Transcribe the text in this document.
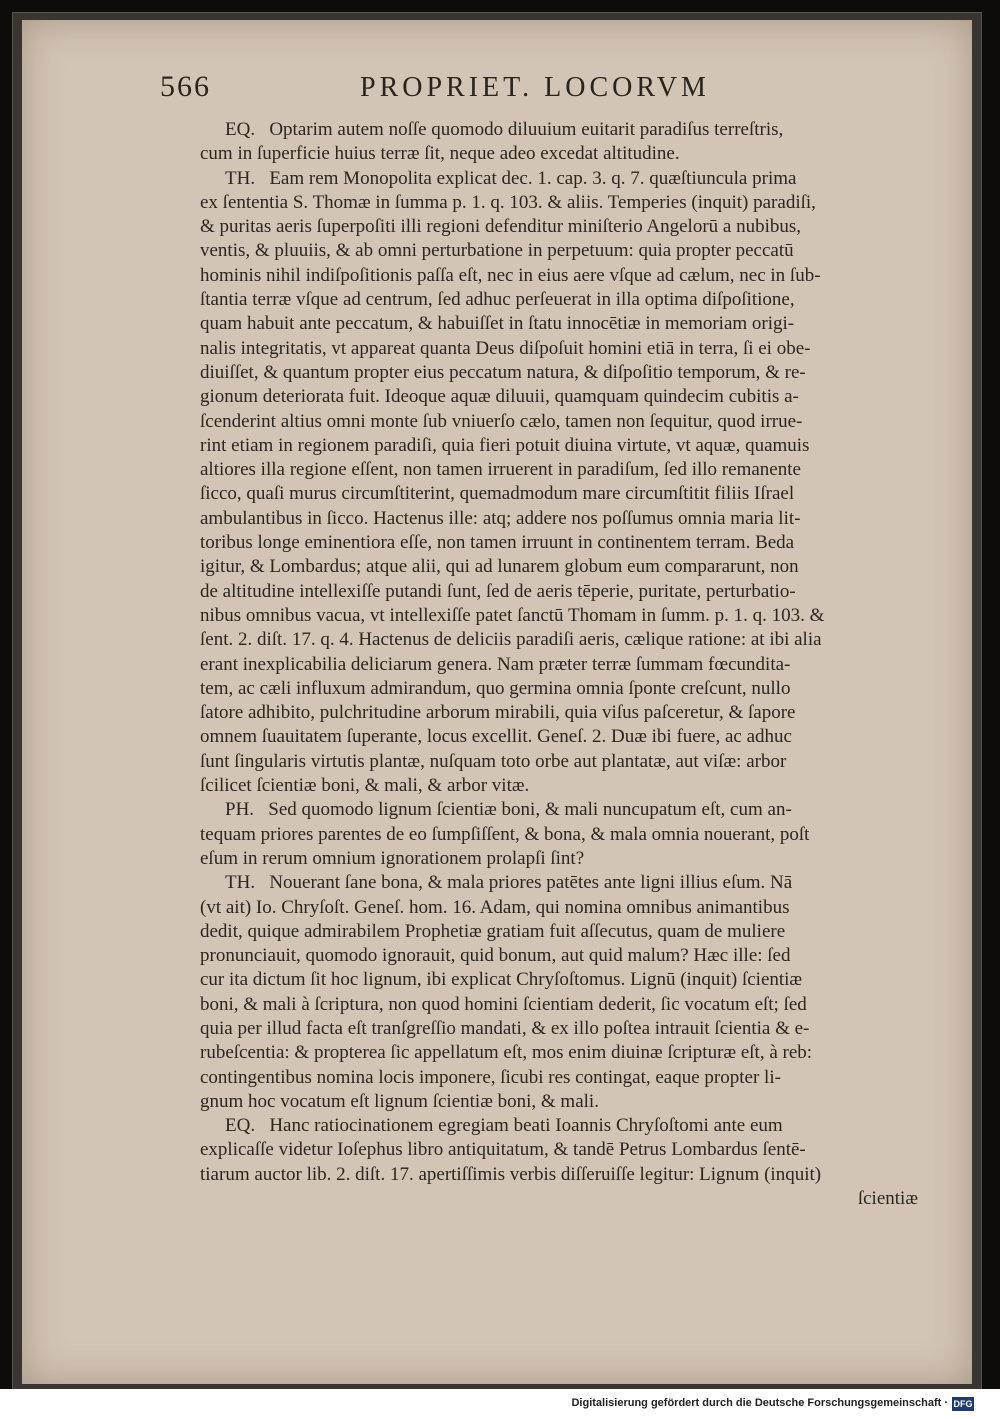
566	PROPRIET. LOCORVM
EQ.   Optarim autem noſſe quomodo diluuium euitarit paradiſus terreſtris,
cum in ſuperficie huius terræ ſit, neque adeo excedat altitudine.
TH.   Eam rem Monopolita explicat dec. 1. cap. 3. q. 7. quæſtiuncula prima
ex ſententia S. Thomæ in ſumma p. 1. q. 103. & aliis. Temperies (inquit) paradiſi,
& puritas aeris ſuperpoſiti illi regioni defenditur miniſterio Angelorū a nubibus,
ventis, & pluuiis, & ab omni perturbatione in perpetuum: quia propter peccatū
hominis nihil indiſpoſitionis paſſa eſt, nec in eius aere vſque ad cælum, nec in ſub-
ſtantia terræ vſque ad centrum, ſed adhuc perſeuerat in illa optima diſpoſitione,
quam habuit ante peccatum, & habuiſſet in ſtatu innocētiæ in memoriam origi-
nalis integritatis, vt appareat quanta Deus diſpoſuit homini etiā in terra, ſi ei obe-
diuiſſet, & quantum propter eius peccatum natura, & diſpoſitio temporum, & re-
gionum deteriorata fuit. Ideoque aquæ diluuii, quamquam quindecim cubitis a-
ſcenderint altius omni monte ſub vniuerſo cælo, tamen non ſequitur, quod irrue-
rint etiam in regionem paradiſi, quia fieri potuit diuina virtute, vt aquæ, quamuis
altiores illa regione eſſent, non tamen irruerent in paradiſum, ſed illo remanente
ſicco, quaſi murus circumſtiterint, quemadmodum mare circumſtitit filiis Iſrael
ambulantibus in ſicco. Hactenus ille: atq; addere nos poſſumus omnia maria lit-
toribus longe eminentiora eſſe, non tamen irruunt in continentem terram. Beda
igitur, & Lombardus; atque alii, qui ad lunarem globum eum compararunt, non
de altitudine intellexiſſe putandi ſunt, ſed de aeris tēperie, puritate, perturbatio-
nibus omnibus vacua, vt intellexiſſe patet ſanctū Thomam in ſumm. p. 1. q. 103. &
ſent. 2. diſt. 17. q. 4. Hactenus de deliciis paradiſi aeris, cælique ratione: at ibi alia
erant inexplicabilia deliciarum genera. Nam præter terræ ſummam fœcundita-
tem, ac cæli influxum admirandum, quo germina omnia ſponte creſcunt, nullo
ſatore adhibito, pulchritudine arborum mirabili, quia viſus paſceretur, & ſapore
omnem ſuauitatem ſuperante, locus excellit. Geneſ. 2. Duæ ibi fuere, ac adhuc
ſunt ſingularis virtutis plantæ, nuſquam toto orbe aut plantatæ, aut viſæ: arbor
ſcilicet ſcientiæ boni, & mali, & arbor vitæ.
PH.   Sed quomodo lignum ſcientiæ boni, & mali nuncupatum eſt, cum an-
tequam priores parentes de eo ſumpſiſſent, & bona, & mala omnia nouerant, poſt
eſum in rerum omnium ignorationem prolapſi ſint?
TH.   Nouerant ſane bona, & mala priores patētes ante ligni illius eſum. Nā
(vt ait) Io. Chryſoſt. Geneſ. hom. 16. Adam, qui nomina omnibus animantibus
dedit, quique admirabilem Prophetiæ gratiam fuit aſſecutus, quam de muliere
pronunciauit, quomodo ignorauit, quid bonum, aut quid malum? Hæc ille: ſed
cur ita dictum ſit hoc lignum, ibi explicat Chryſoſtomus. Lignū (inquit) ſcientiæ
boni, & mali à ſcriptura, non quod homini ſcientiam dederit, ſic vocatum eſt; ſed
quia per illud facta eſt tranſgreſſio mandati, & ex illo poſtea intrauit ſcientia & e-
rubeſcentia: & propterea ſic appellatum eſt, mos enim diuinæ ſcripturæ eſt, à reb:
contingentibus nomina locis imponere, ſicubi res contingat, eaque propter li-
gnum hoc vocatum eſt lignum ſcientiæ boni, & mali.
EQ.   Hanc ratiocinationem egregiam beati Ioannis Chryſoſtomi ante eum
explicaſſe videtur Ioſephus libro antiquitatum, & tandē Petrus Lombardus ſentē-
tiarum auctor lib. 2. diſt. 17. apertiſſimis verbis diſſeruiſſe legitur: Lignum (inquit)
ſcientiæ
Digitalisierung gefördert durch die Deutsche Forschungsgemeinschaft · DFG
